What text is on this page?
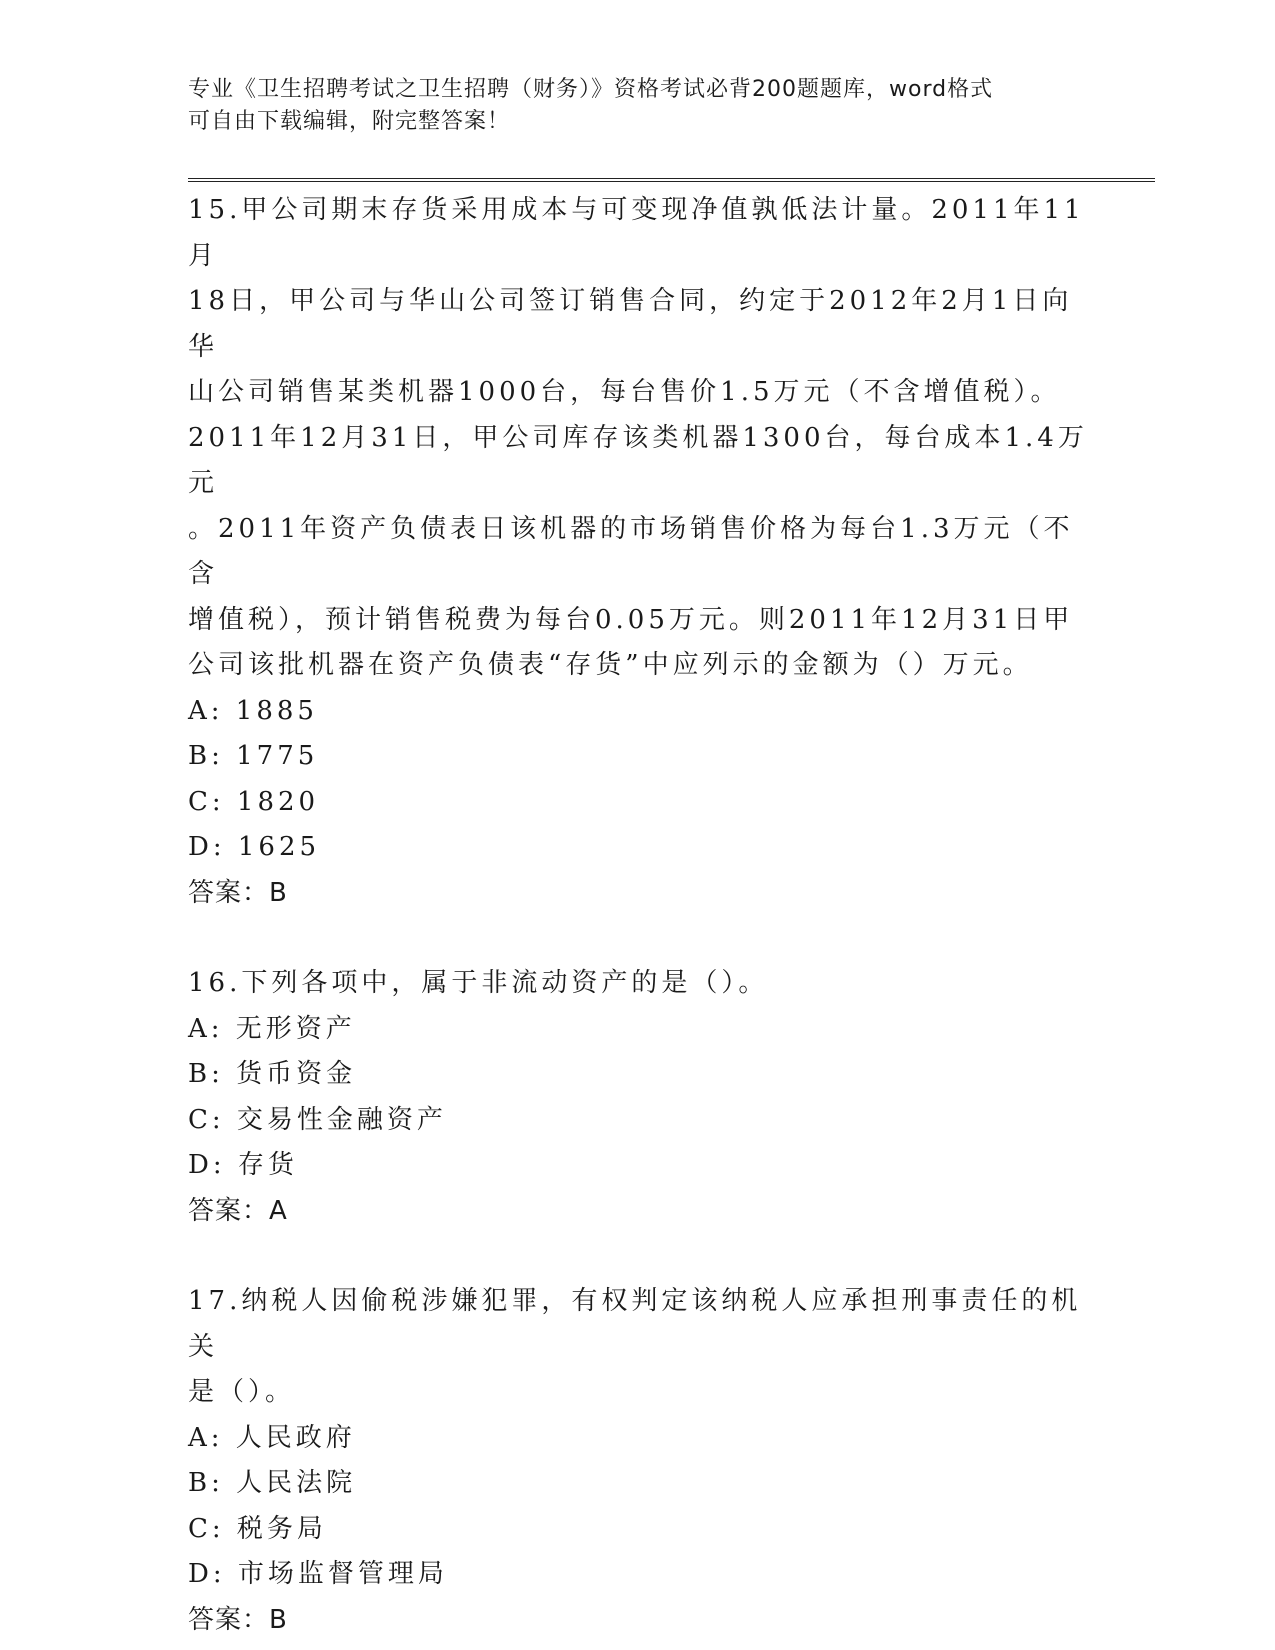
专业《卫生招聘考试之卫生招聘（财务）》资格考试必背200题题库，word格式
可自由下载编辑，附完整答案！

15.甲公司期末存货采用成本与可变现净值孰低法计量。2011年11月

18日，甲公司与华山公司签订销售合同，约定于2012年2月1日向华

山公司销售某类机器1000台，每台售价1.5万元（不含增值税）。

2011年12月31日，甲公司库存该类机器1300台，每台成本1.4万元

。2011年资产负债表日该机器的市场销售价格为每台1.3万元（不含

增值税），预计销售税费为每台0.05万元。则2011年12月31日甲

公司该批机器在资产负债表“存货”中应列示的金额为（）万元。

A: 1885

B: 1775

C: 1820

D: 1625

答案：B

16.下列各项中，属于非流动资产的是（）。

A: 无形资产

B: 货币资金

C: 交易性金融资产

D: 存货

答案：A

17.纳税人因偷税涉嫌犯罪，有权判定该纳税人应承担刑事责任的机关

是（）。

A: 人民政府

B: 人民法院

C: 税务局

D: 市场监督管理局

答案：B
